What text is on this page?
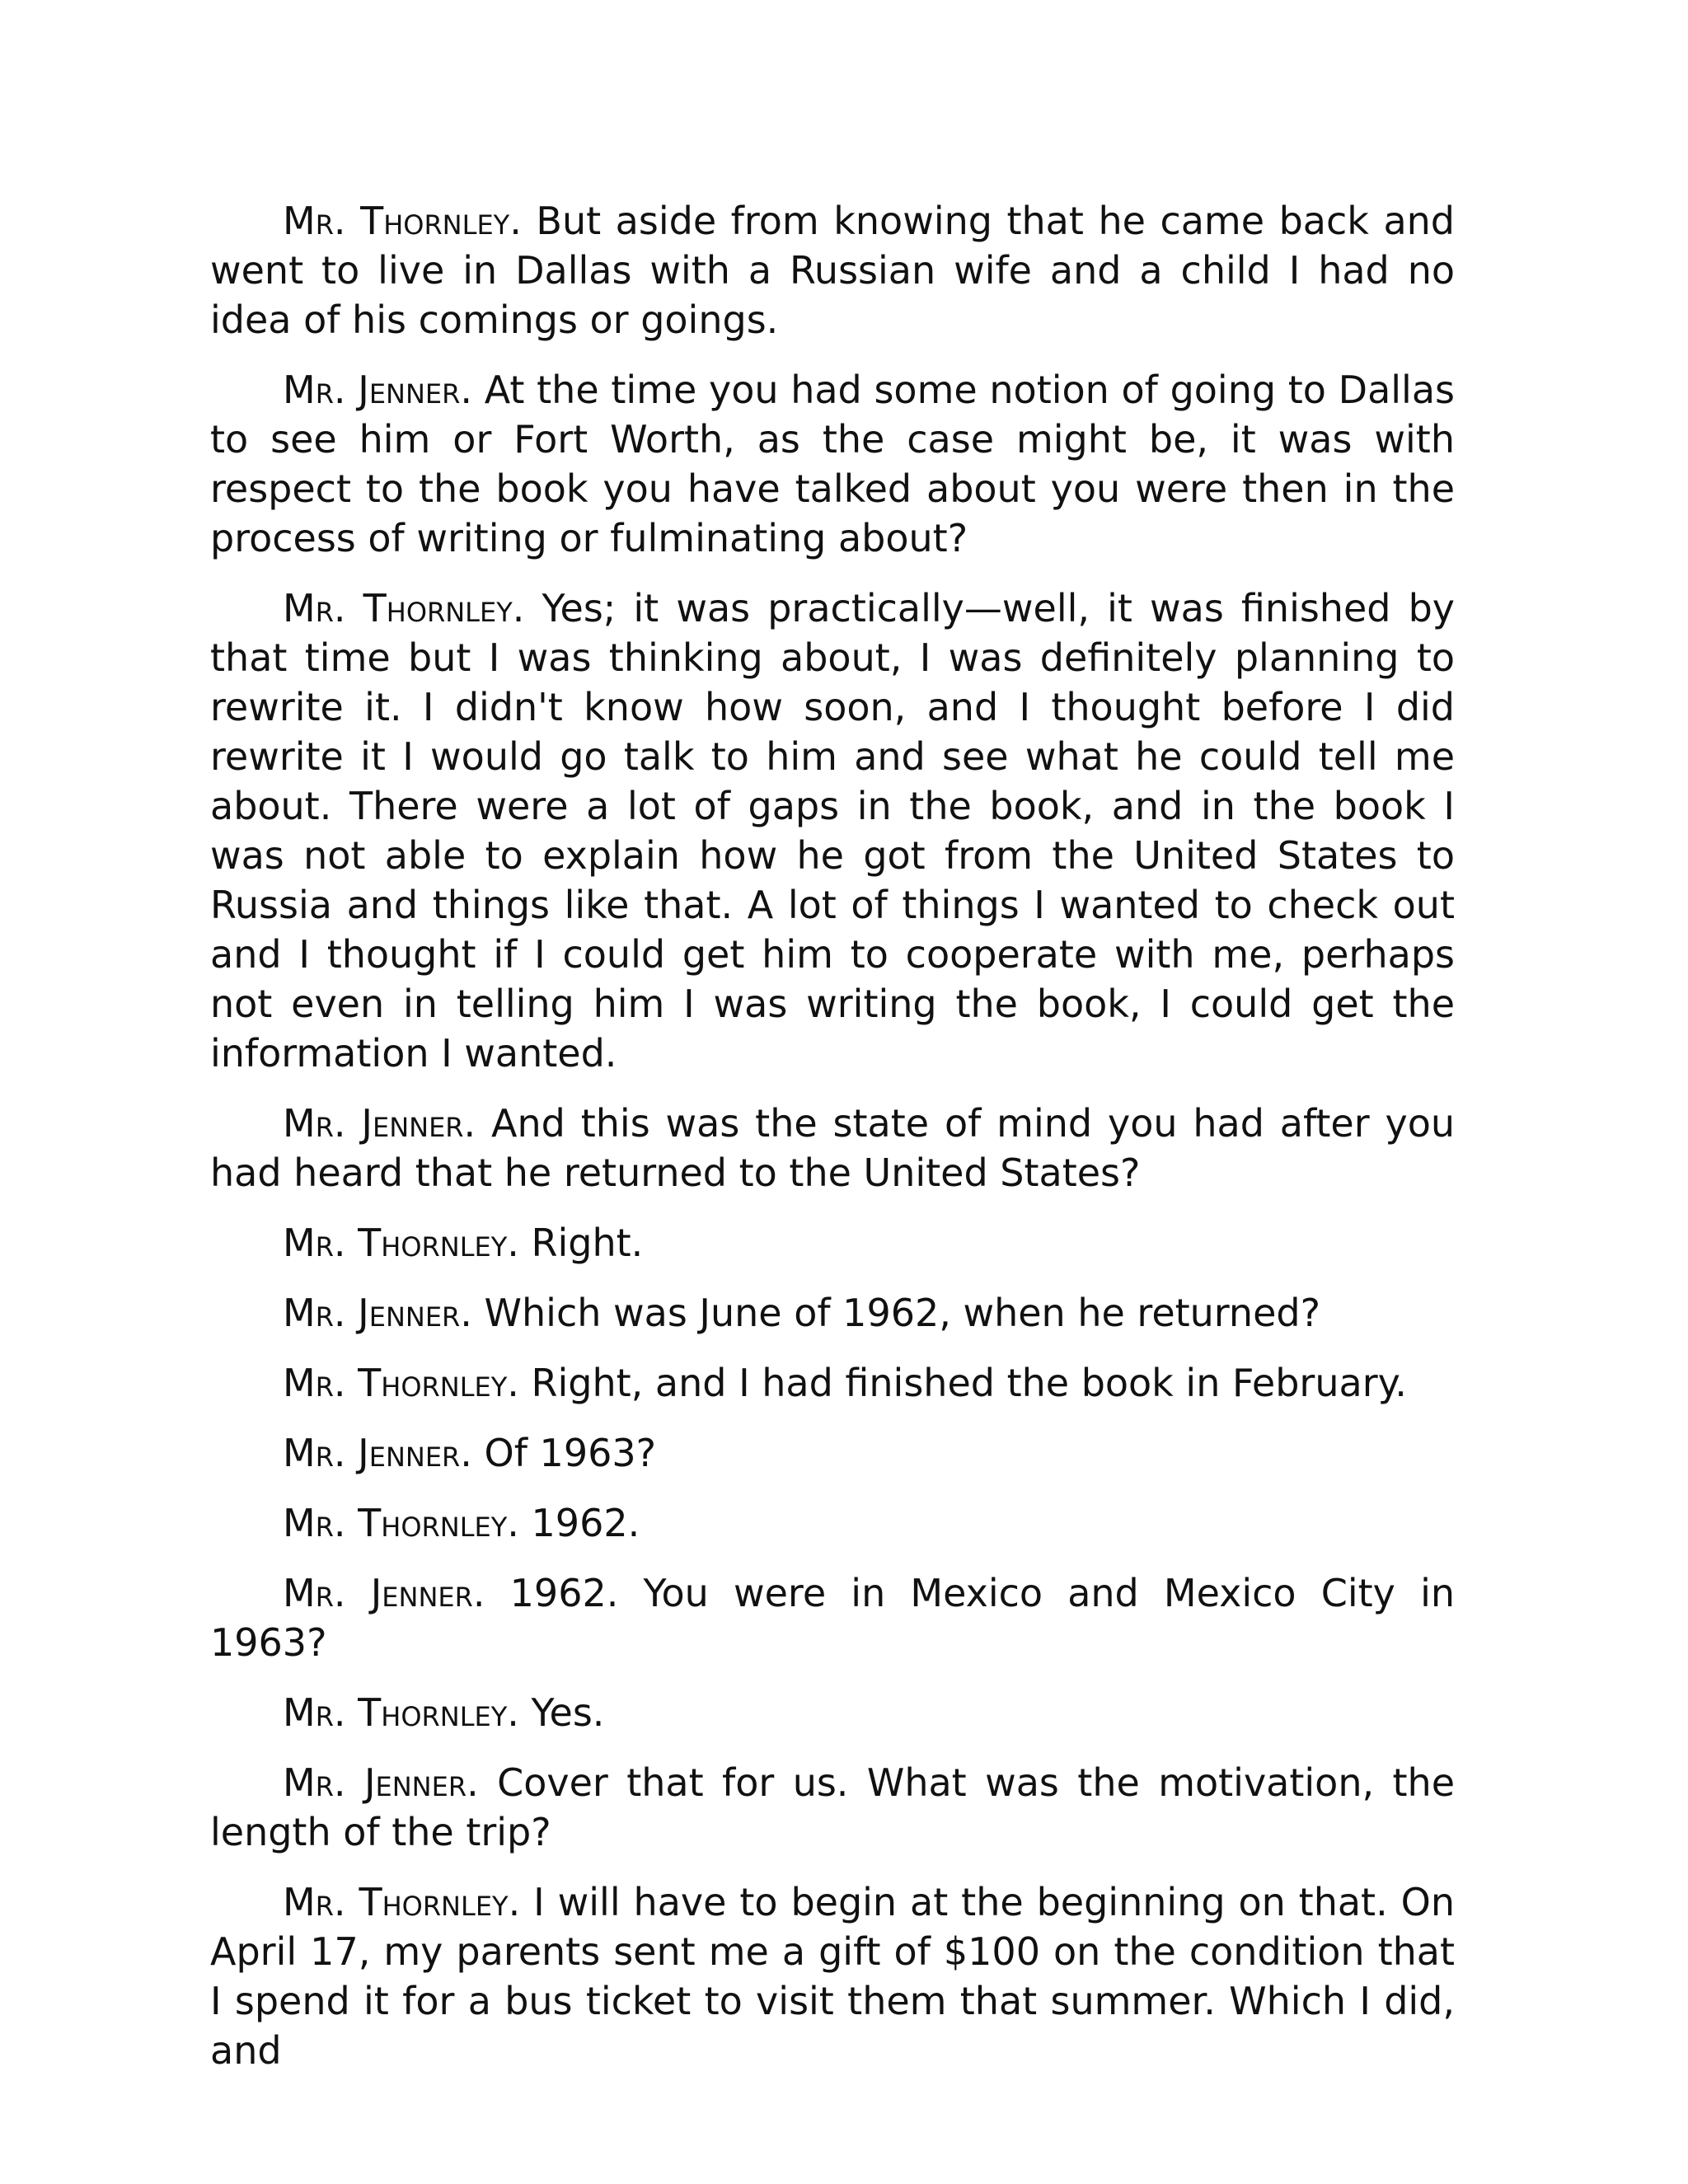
Mr. Thornley. But aside from knowing that he came back and went to live in Dallas with a Russian wife and a child I had no idea of his comings or goings.

Mr. Jenner. At the time you had some notion of going to Dallas to see him or Fort Worth, as the case might be, it was with respect to the book you have talked about you were then in the process of writing or fulminating about?

Mr. Thornley. Yes; it was practically—well, it was finished by that time but I was thinking about, I was definitely planning to rewrite it. I didn't know how soon, and I thought before I did rewrite it I would go talk to him and see what he could tell me about. There were a lot of gaps in the book, and in the book I was not able to explain how he got from the United States to Russia and things like that. A lot of things I wanted to check out and I thought if I could get him to cooperate with me, perhaps not even in telling him I was writing the book, I could get the information I wanted.

Mr. Jenner. And this was the state of mind you had after you had heard that he returned to the United States?

Mr. Thornley. Right.

Mr. Jenner. Which was June of 1962, when he returned?

Mr. Thornley. Right, and I had finished the book in February.

Mr. Jenner. Of 1963?

Mr. Thornley. 1962.

Mr. Jenner. 1962. You were in Mexico and Mexico City in 1963?

Mr. Thornley. Yes.

Mr. Jenner. Cover that for us. What was the motivation, the length of the trip?

Mr. Thornley. I will have to begin at the beginning on that. On April 17, my parents sent me a gift of $100 on the condition that I spend it for a bus ticket to visit them that summer. Which I did, and
